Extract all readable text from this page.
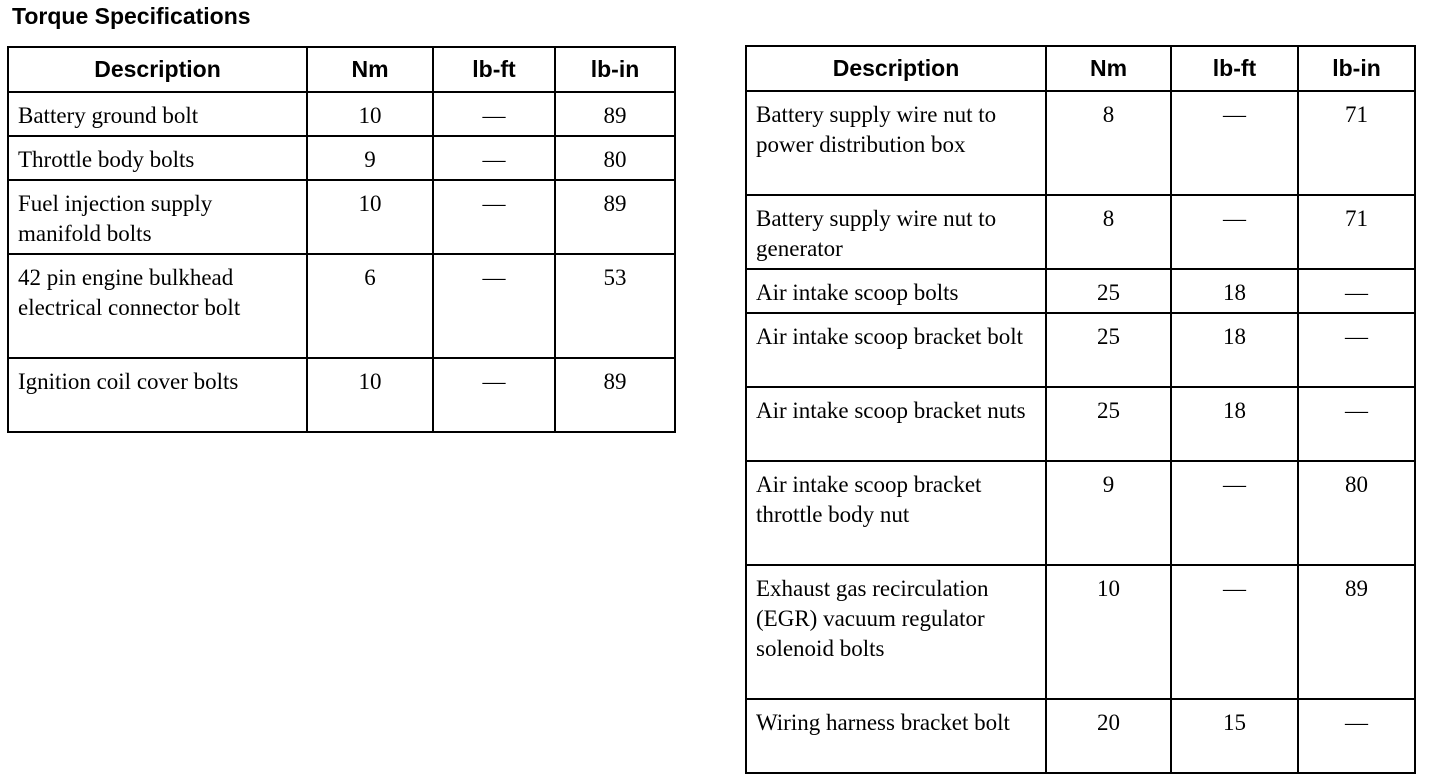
Torque Specifications
Description	Nm	lb-ft	lb-in
Battery ground bolt	10	—	89
Throttle body bolts	9	—	80
Fuel injection supply manifold bolts	10	—	89
42 pin engine bulkhead electrical connector bolt	6	—	53
Ignition coil cover bolts	10	—	89
Description	Nm	lb-ft	lb-in
Battery supply wire nut to power distribution box	8	—	71
Battery supply wire nut to generator	8	—	71
Air intake scoop bolts	25	18	—
Air intake scoop bracket bolt	25	18	—
Air intake scoop bracket nuts	25	18	—
Air intake scoop bracket throttle body nut	9	—	80
Exhaust gas recirculation (EGR) vacuum regulator solenoid bolts	10	—	89
Wiring harness bracket bolt	20	15	—
